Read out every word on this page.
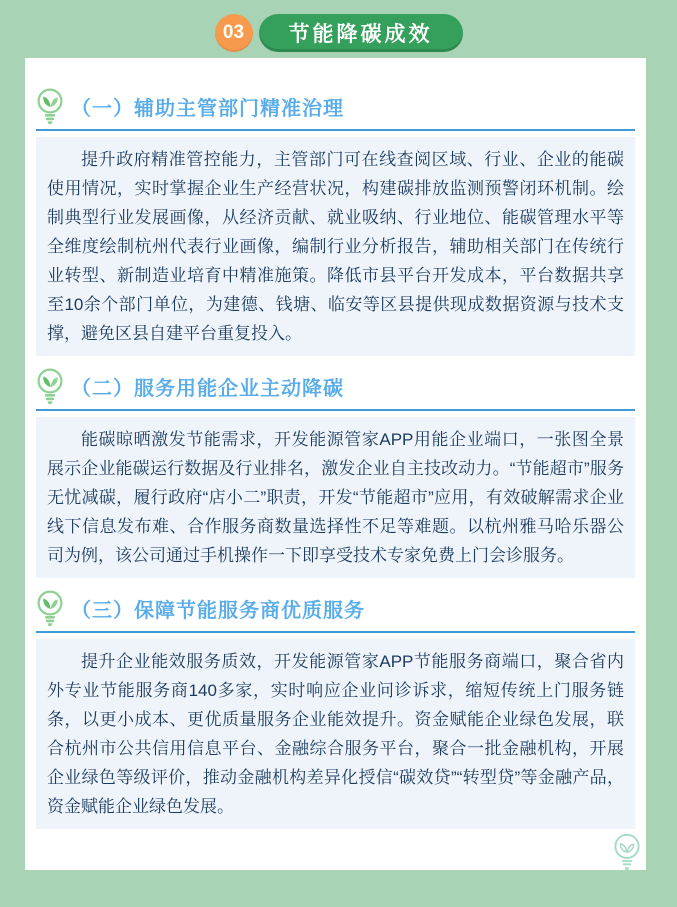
03	节能降碳成效
（一）辅助主管部门精准治理
提升政府精准管控能力，主管部门可在线查阅区域、行业、企业的能碳使用情况，实时掌握企业生产经营状况，构建碳排放监测预警闭环机制。绘制典型行业发展画像，从经济贡献、就业吸纳、行业地位、能碳管理水平等全维度绘制杭州代表行业画像，编制行业分析报告，辅助相关部门在传统行业转型、新制造业培育中精准施策。降低市县平台开发成本，平台数据共享至10余个部门单位，为建德、钱塘、临安等区县提供现成数据资源与技术支撑，避免区县自建平台重复投入。
（二）服务用能企业主动降碳
能碳晾晒激发节能需求，开发能源管家APP用能企业端口，一张图全景展示企业能碳运行数据及行业排名，激发企业自主技改动力。“节能超市”服务无忧减碳，履行政府“店小二”职责，开发“节能超市”应用，有效破解需求企业线下信息发布难、合作服务商数量选择性不足等难题。以杭州雅马哈乐器公司为例，该公司通过手机操作一下即享受技术专家免费上门会诊服务。
（三）保障节能服务商优质服务
提升企业能效服务质效，开发能源管家APP节能服务商端口，聚合省内外专业节能服务商140多家，实时响应企业问诊诉求，缩短传统上门服务链条，以更小成本、更优质量服务企业能效提升。资金赋能企业绿色发展，联合杭州市公共信用信息平台、金融综合服务平台，聚合一批金融机构，开展企业绿色等级评价，推动金融机构差异化授信“碳效贷”“转型贷”等金融产品，资金赋能企业绿色发展。
